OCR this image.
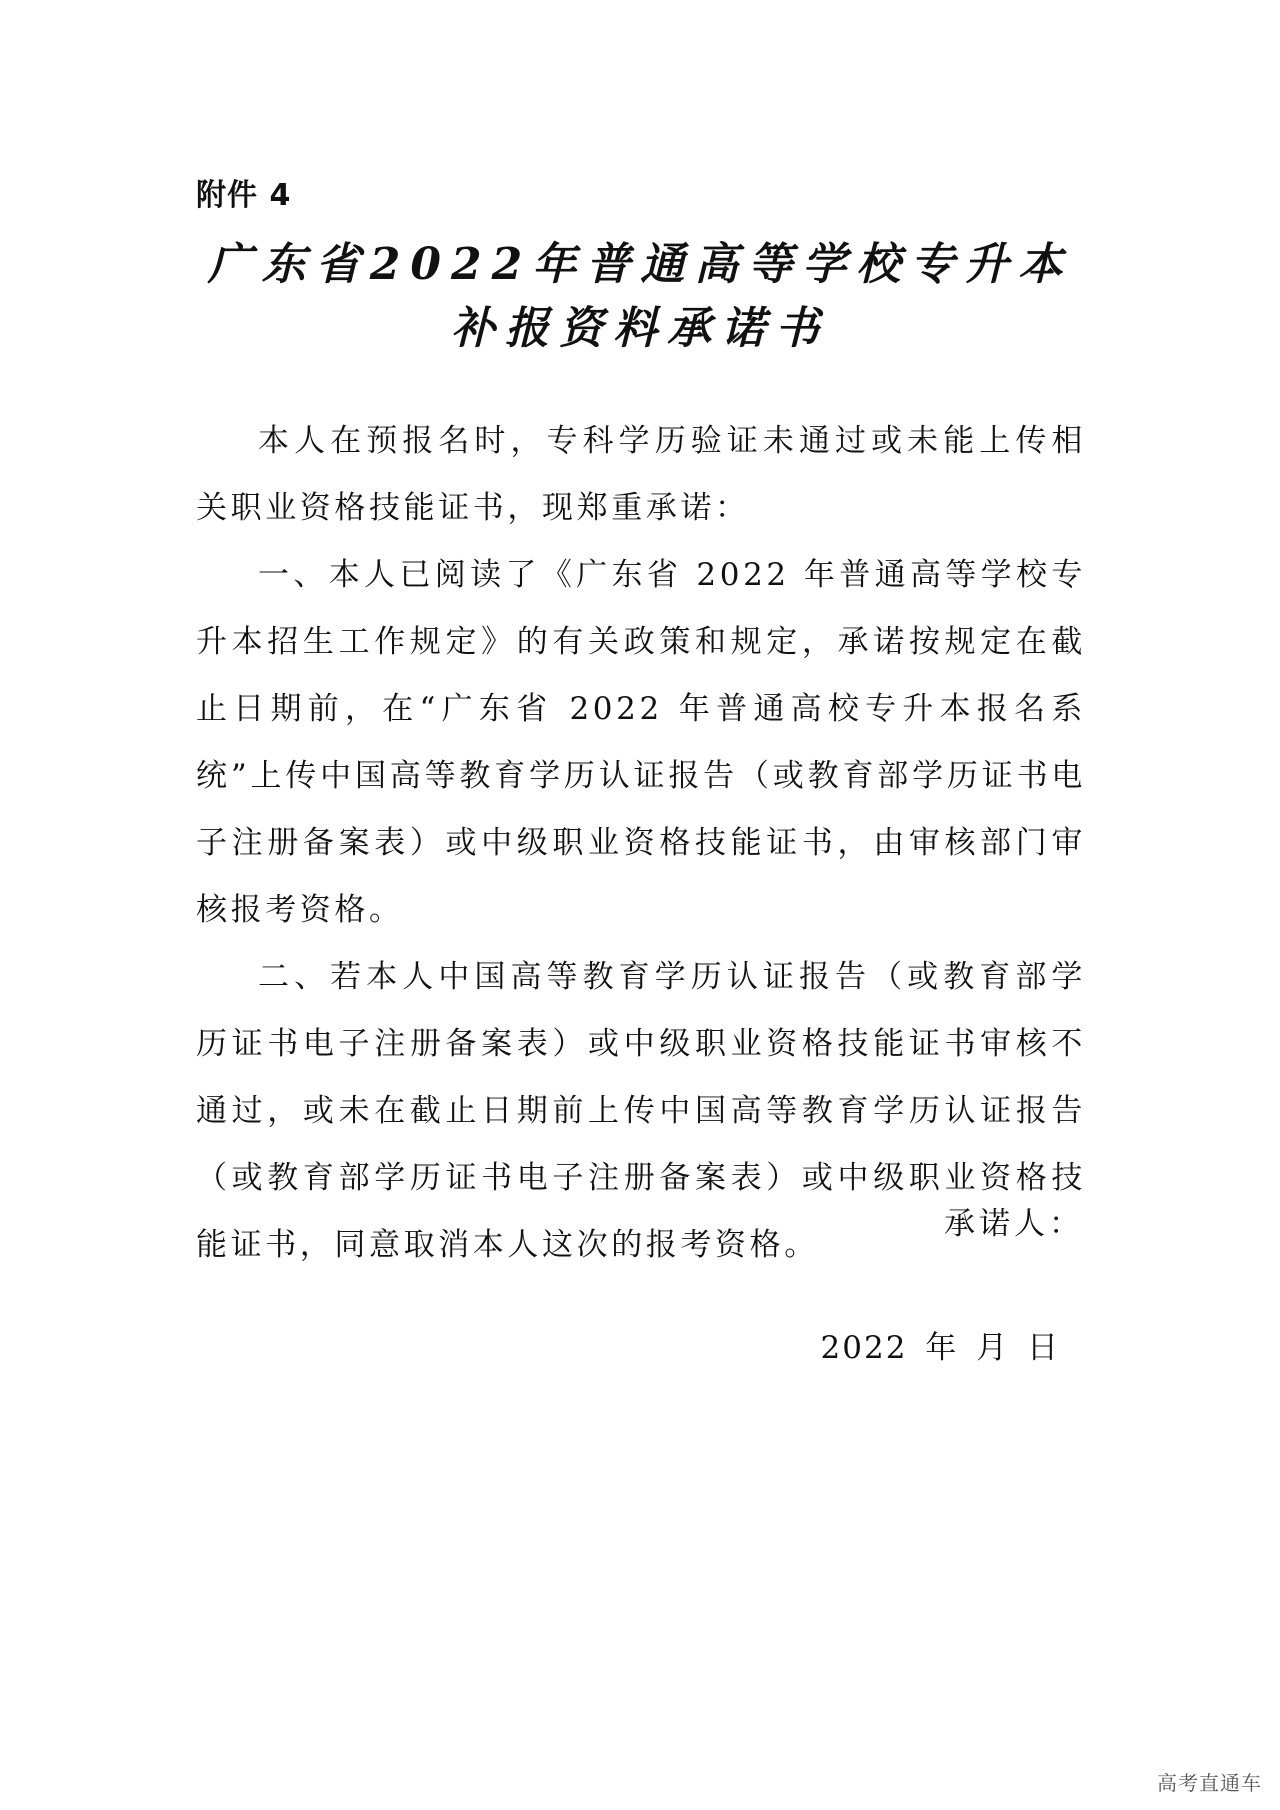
附件 4
广东省2022年普通高等学校专升本
补报资料承诺书

本人在预报名时，专科学历验证未通过或未能上传相关职业资格技能证书，现郑重承诺：

一、本人已阅读了《广东省 2022 年普通高等学校专升本招生工作规定》的有关政策和规定，承诺按规定在截止日期前，在“广东省 2022 年普通高校专升本报名系统”上传中国高等教育学历认证报告（或教育部学历证书电子注册备案表）或中级职业资格技能证书，由审核部门审核报考资格。

二、若本人中国高等教育学历认证报告（或教育部学历证书电子注册备案表）或中级职业资格技能证书审核不通过，或未在截止日期前上传中国高等教育学历认证报告（或教育部学历证书电子注册备案表）或中级职业资格技能证书，同意取消本人这次的报考资格。

承诺人：
2022 年 月 日
高考直通车
